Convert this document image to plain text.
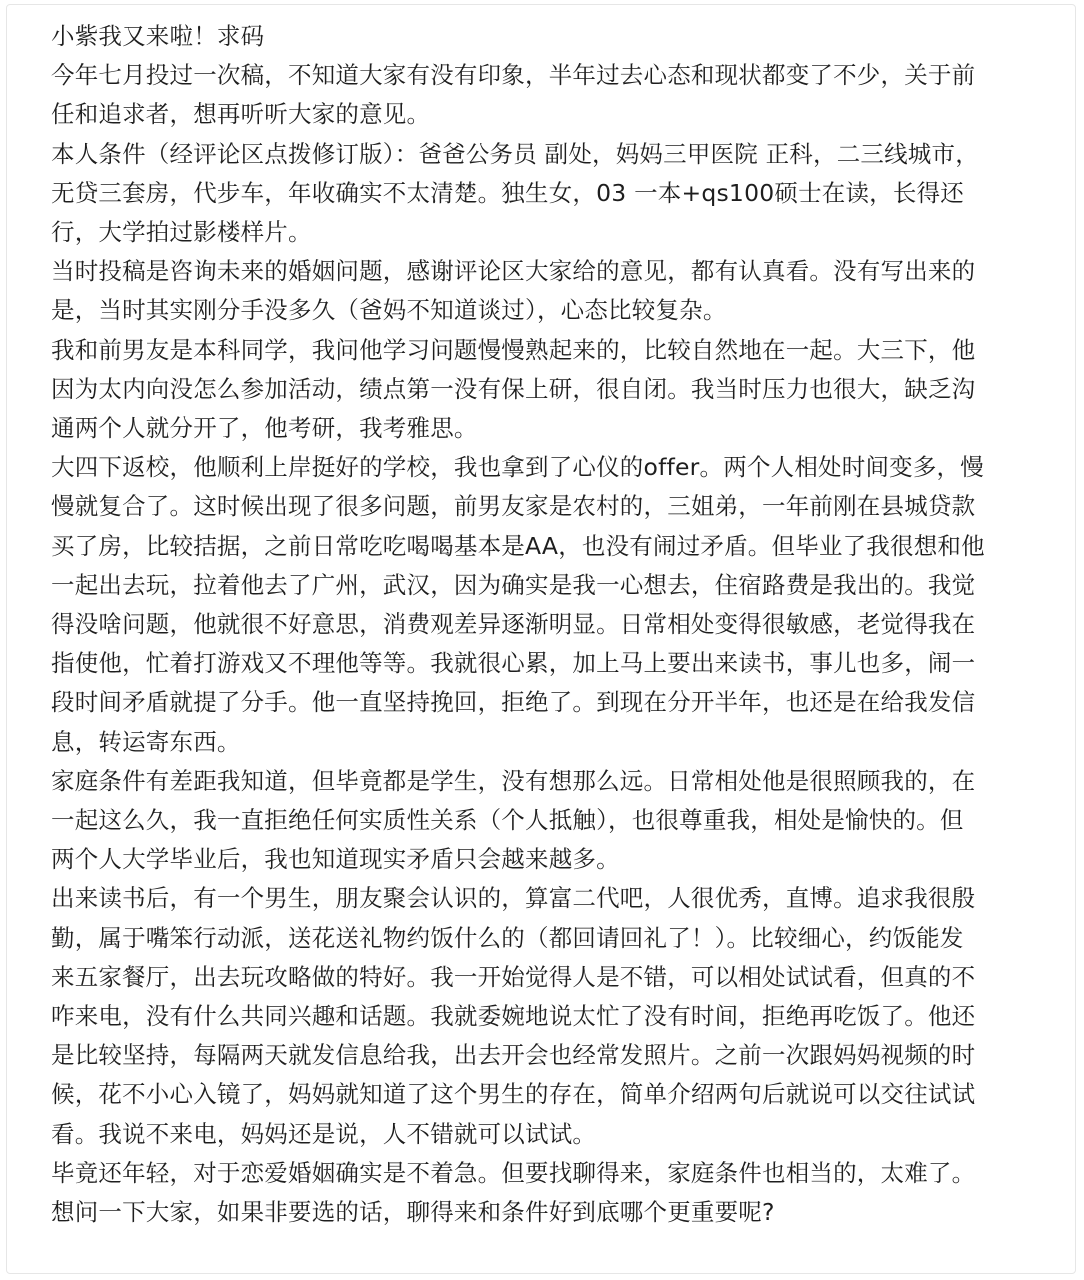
小紫我又来啦！求码

今年七月投过一次稿，不知道大家有没有印象，半年过去心态和现状都变了不少，关于前

任和追求者，想再听听大家的意见。

本人条件（经评论区点拨修订版）：爸爸公务员 副处，妈妈三甲医院 正科，二三线城市，

无贷三套房，代步车，年收确实不太清楚。独生女，03 一本+qs100硕士在读，长得还

行，大学拍过影楼样片。

当时投稿是咨询未来的婚姻问题，感谢评论区大家给的意见，都有认真看。没有写出来的

是，当时其实刚分手没多久（爸妈不知道谈过），心态比较复杂。

我和前男友是本科同学，我问他学习问题慢慢熟起来的，比较自然地在一起。大三下，他

因为太内向没怎么参加活动，绩点第一没有保上研，很自闭。我当时压力也很大，缺乏沟

通两个人就分开了，他考研，我考雅思。

大四下返校，他顺利上岸挺好的学校，我也拿到了心仪的offer。两个人相处时间变多，慢

慢就复合了。这时候出现了很多问题，前男友家是农村的，三姐弟，一年前刚在县城贷款

买了房，比较拮据，之前日常吃吃喝喝基本是AA，也没有闹过矛盾。但毕业了我很想和他

一起出去玩，拉着他去了广州，武汉，因为确实是我一心想去，住宿路费是我出的。我觉

得没啥问题，他就很不好意思，消费观差异逐渐明显。日常相处变得很敏感，老觉得我在

指使他，忙着打游戏又不理他等等。我就很心累，加上马上要出来读书，事儿也多，闹一

段时间矛盾就提了分手。他一直坚持挽回，拒绝了。到现在分开半年，也还是在给我发信

息，转运寄东西。

家庭条件有差距我知道，但毕竟都是学生，没有想那么远。日常相处他是很照顾我的，在

一起这么久，我一直拒绝任何实质性关系（个人抵触），也很尊重我，相处是愉快的。但

两个人大学毕业后，我也知道现实矛盾只会越来越多。

出来读书后，有一个男生，朋友聚会认识的，算富二代吧，人很优秀，直博。追求我很殷

勤，属于嘴笨行动派，送花送礼物约饭什么的（都回请回礼了！）。比较细心，约饭能发

来五家餐厅，出去玩攻略做的特好。我一开始觉得人是不错，可以相处试试看，但真的不

咋来电，没有什么共同兴趣和话题。我就委婉地说太忙了没有时间，拒绝再吃饭了。他还

是比较坚持，每隔两天就发信息给我，出去开会也经常发照片。之前一次跟妈妈视频的时

候，花不小心入镜了，妈妈就知道了这个男生的存在，简单介绍两句后就说可以交往试试

看。我说不来电，妈妈还是说，人不错就可以试试。

毕竟还年轻，对于恋爱婚姻确实是不着急。但要找聊得来，家庭条件也相当的，太难了。

想问一下大家，如果非要选的话，聊得来和条件好到底哪个更重要呢?
